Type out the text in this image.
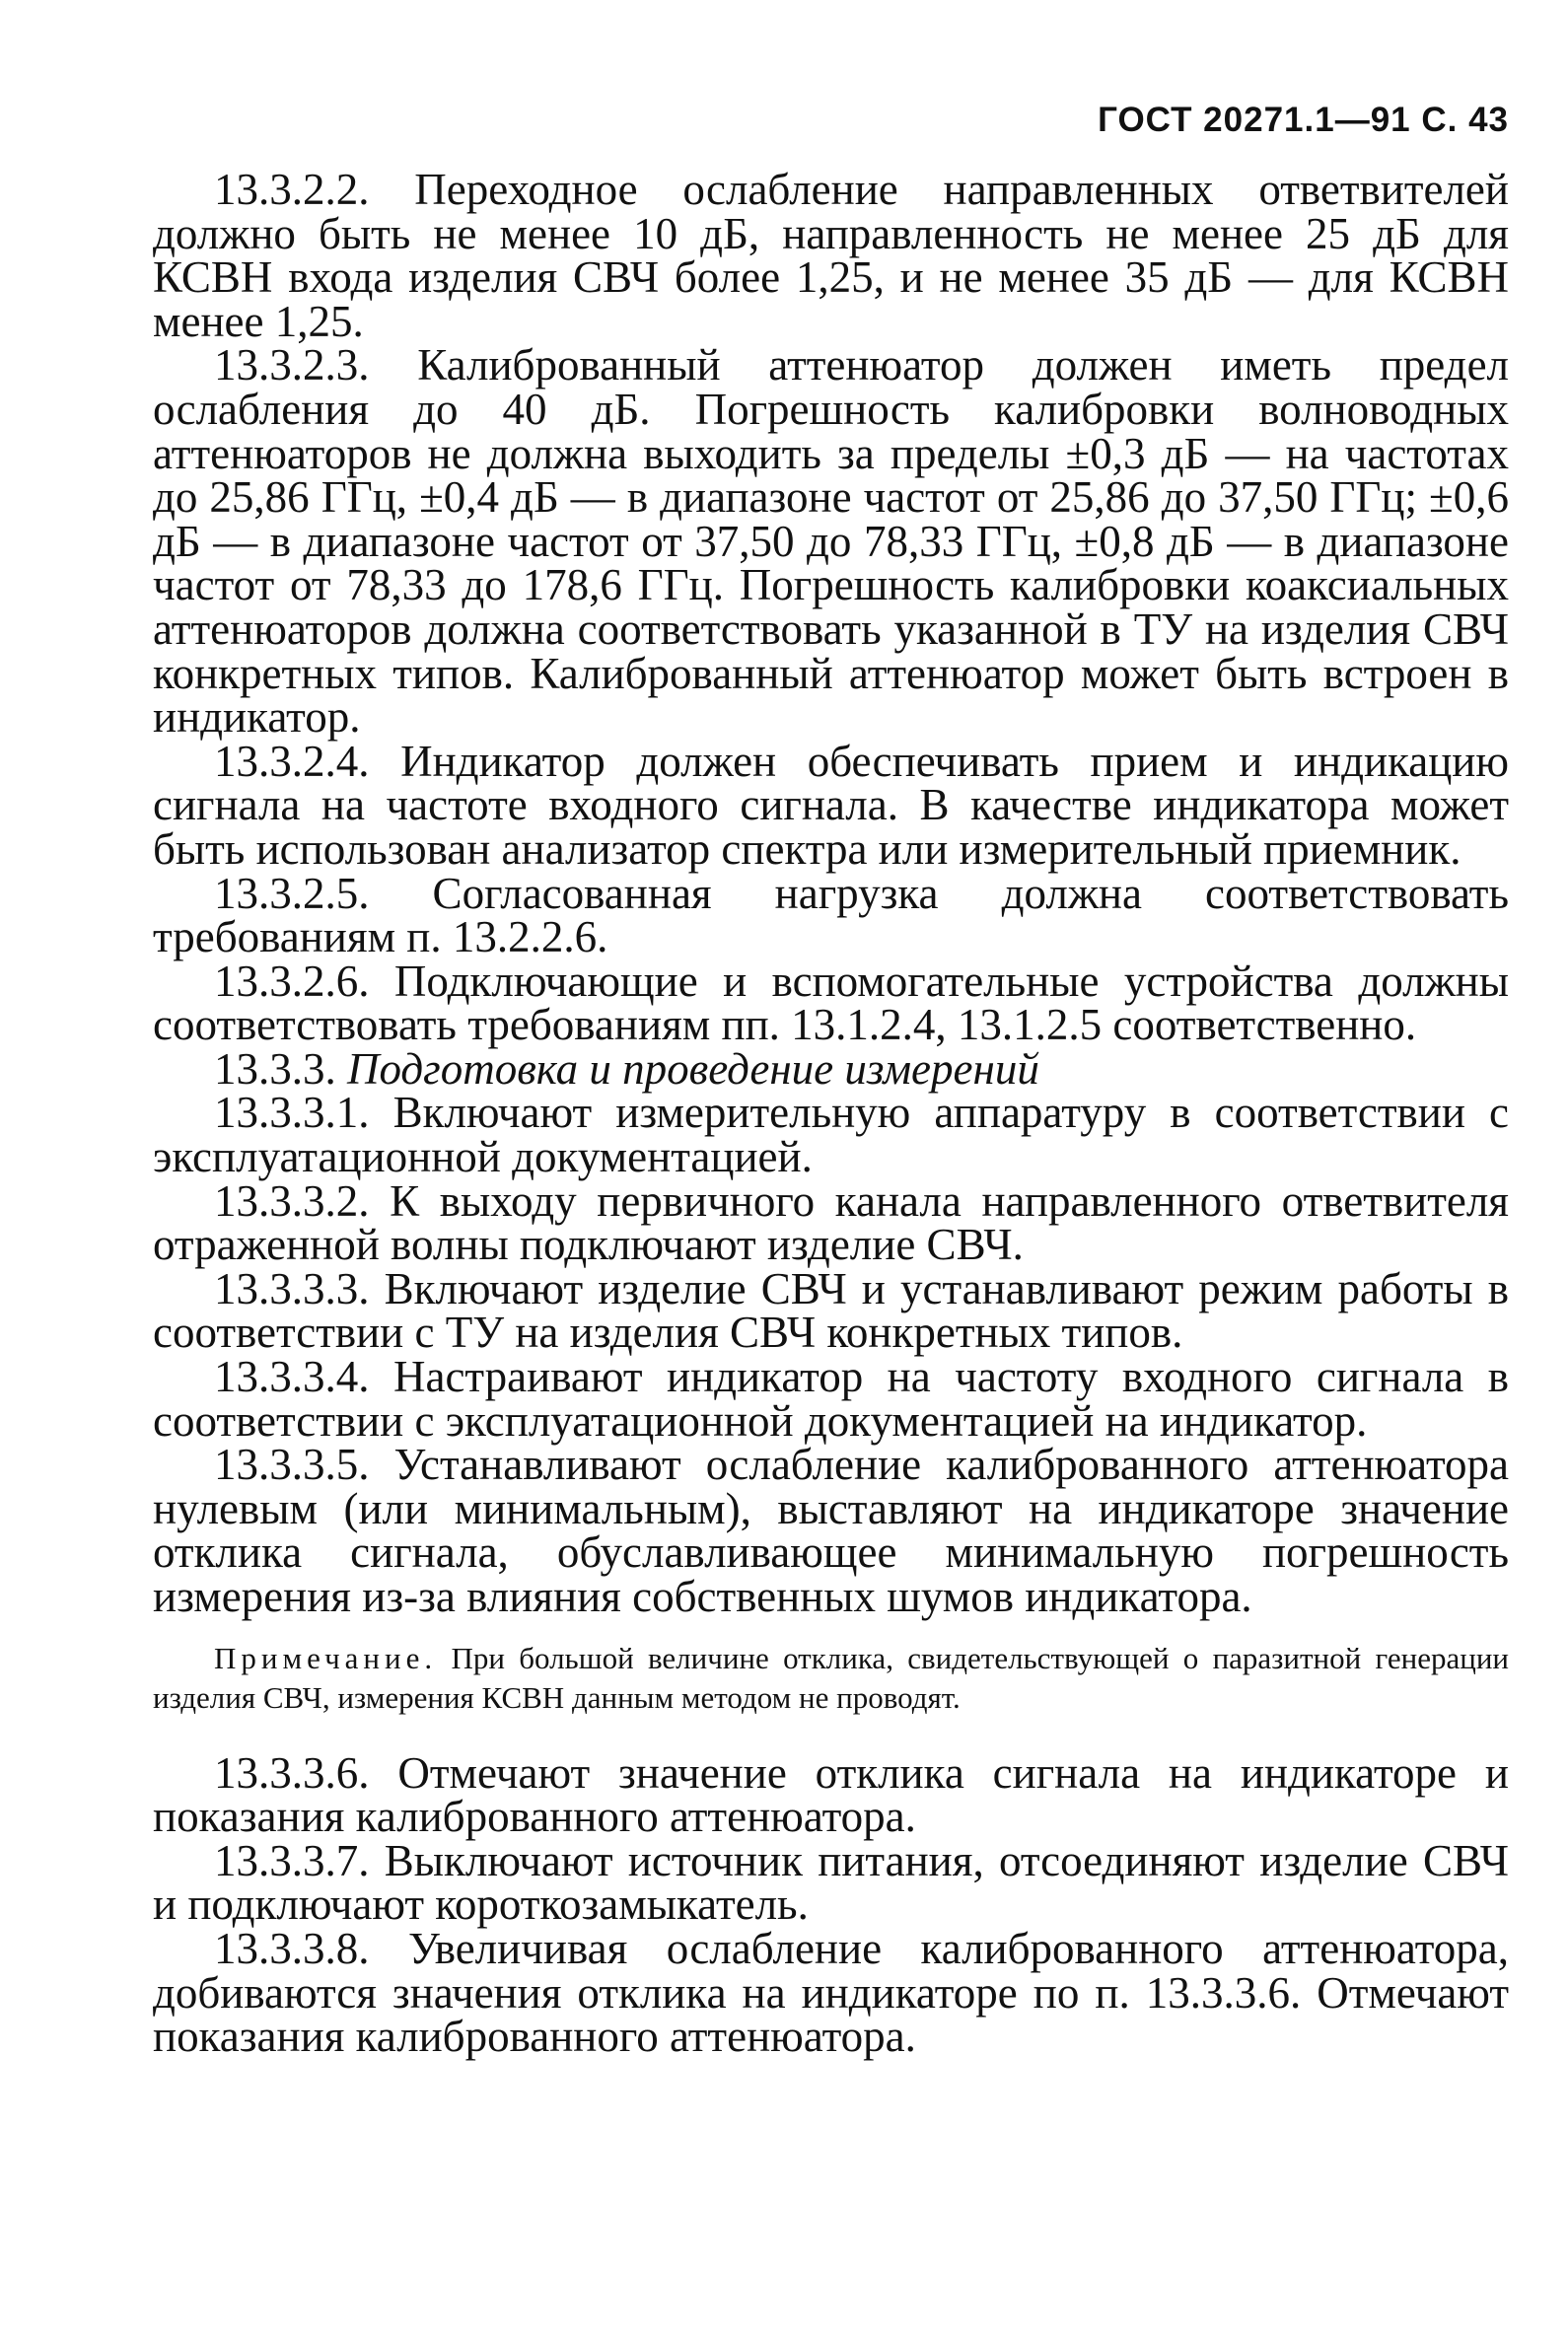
ГОСТ 20271.1—91 С. 43

13.3.2.2. Переходное ослабление направленных ответвителей должно быть не менее 10 дБ, направленность не менее 25 дБ для КСВН входа изделия СВЧ более 1,25, и не менее 35 дБ — для КСВН менее 1,25.

13.3.2.3. Калиброванный аттенюатор должен иметь предел ослабления до 40 дБ. Погрешность калибровки волноводных аттенюаторов не должна выходить за пределы ±0,3 дБ — на частотах до 25,86 ГГц, ±0,4 дБ — в диапазоне частот от 25,86 до 37,50 ГГц; ±0,6 дБ — в диапазоне частот от 37,50 до 78,33 ГГц, ±0,8 дБ — в диапазоне частот от 78,33 до 178,6 ГГц. Погрешность калибровки коаксиальных аттенюаторов должна соответствовать указанной в ТУ на изделия СВЧ конкретных типов. Калиброванный аттенюатор может быть встроен в индикатор.

13.3.2.4. Индикатор должен обеспечивать прием и индикацию сигнала на частоте входного сигнала. В качестве индикатора может быть использован анализатор спектра или измерительный приемник.

13.3.2.5. Согласованная нагрузка должна соответствовать требованиям п. 13.2.2.6.

13.3.2.6. Подключающие и вспомогательные устройства должны соответствовать требованиям пп. 13.1.2.4, 13.1.2.5 соответственно.

13.3.3. Подготовка и проведение измерений

13.3.3.1. Включают измерительную аппаратуру в соответствии с эксплуатационной документацией.

13.3.3.2. К выходу первичного канала направленного ответвителя отраженной волны подключают изделие СВЧ.

13.3.3.3. Включают изделие СВЧ и устанавливают режим работы в соответствии с ТУ на изделия СВЧ конкретных типов.

13.3.3.4. Настраивают индикатор на частоту входного сигнала в соответствии с эксплуатационной документацией на индикатор.

13.3.3.5. Устанавливают ослабление калиброванного аттенюатора нулевым (или минимальным), выставляют на индикаторе значение отклика сигнала, обуславливающее минимальную погрешность измерения из-за влияния собственных шумов индикатора.

Примечание. При большой величине отклика, свидетельствующей о паразитной генерации изделия СВЧ, измерения КСВН данным методом не проводят.

13.3.3.6. Отмечают значение отклика сигнала на индикаторе и показания калиброванного аттенюатора.

13.3.3.7. Выключают источник питания, отсоединяют изделие СВЧ и подключают короткозамыкатель.

13.3.3.8. Увеличивая ослабление калиброванного аттенюатора, добиваются значения отклика на индикаторе по п. 13.3.3.6. Отмечают показания калиброванного аттенюатора.
